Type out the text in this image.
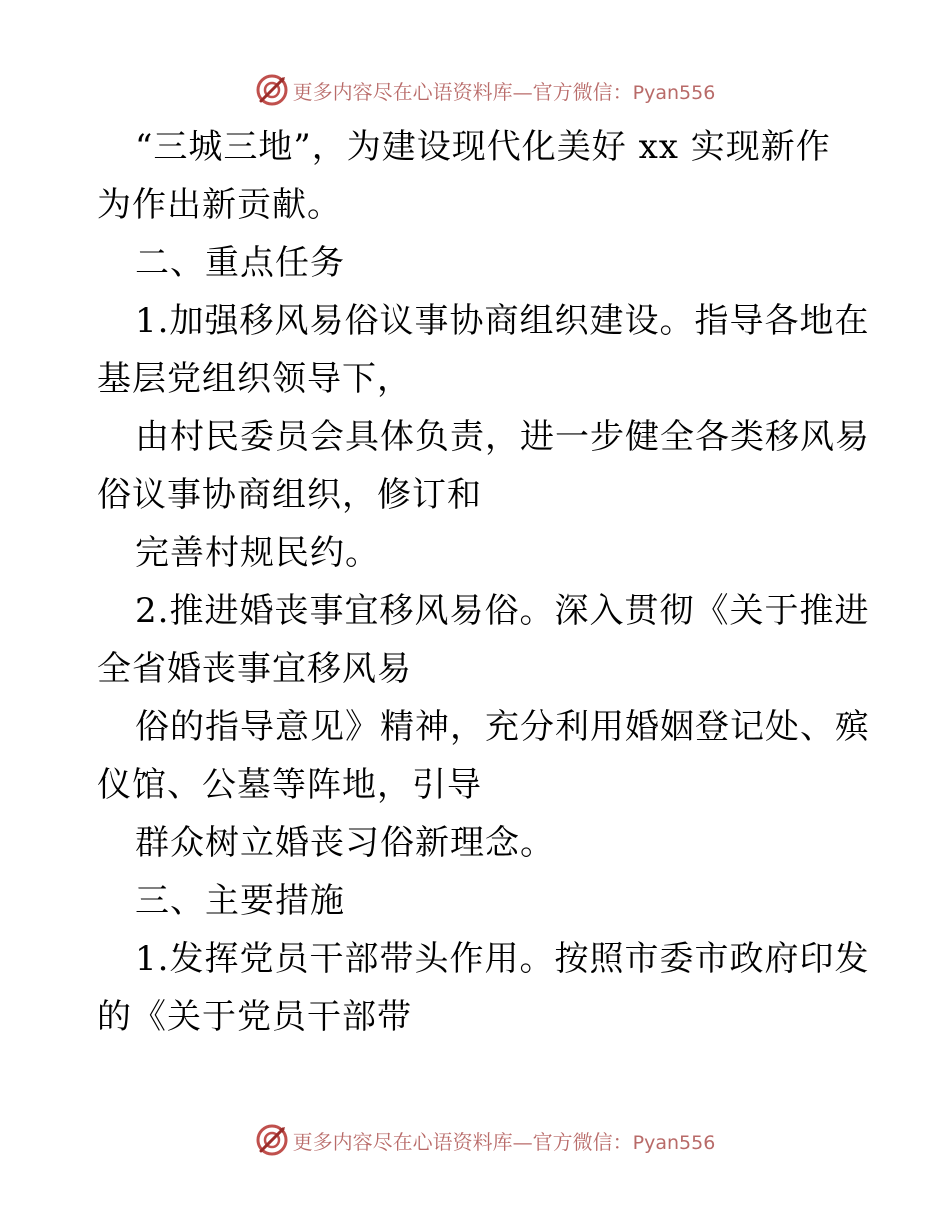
更多内容尽在心语资料库—官方微信：Pyan556
“三城三地”，为建设现代化美好 xx 实现新作
为作出新贡献。
二、重点任务
1.加强移风易俗议事协商组织建设。指导各地在
基层党组织领导下，
由村民委员会具体负责，进一步健全各类移风易
俗议事协商组织，修订和
完善村规民约。
2.推进婚丧事宜移风易俗。深入贯彻《关于推进
全省婚丧事宜移风易
俗的指导意见》精神，充分利用婚姻登记处、殡
仪馆、公墓等阵地，引导
群众树立婚丧习俗新理念。
三、主要措施
1.发挥党员干部带头作用。按照市委市政府印发
的《关于党员干部带
更多内容尽在心语资料库—官方微信：Pyan556
